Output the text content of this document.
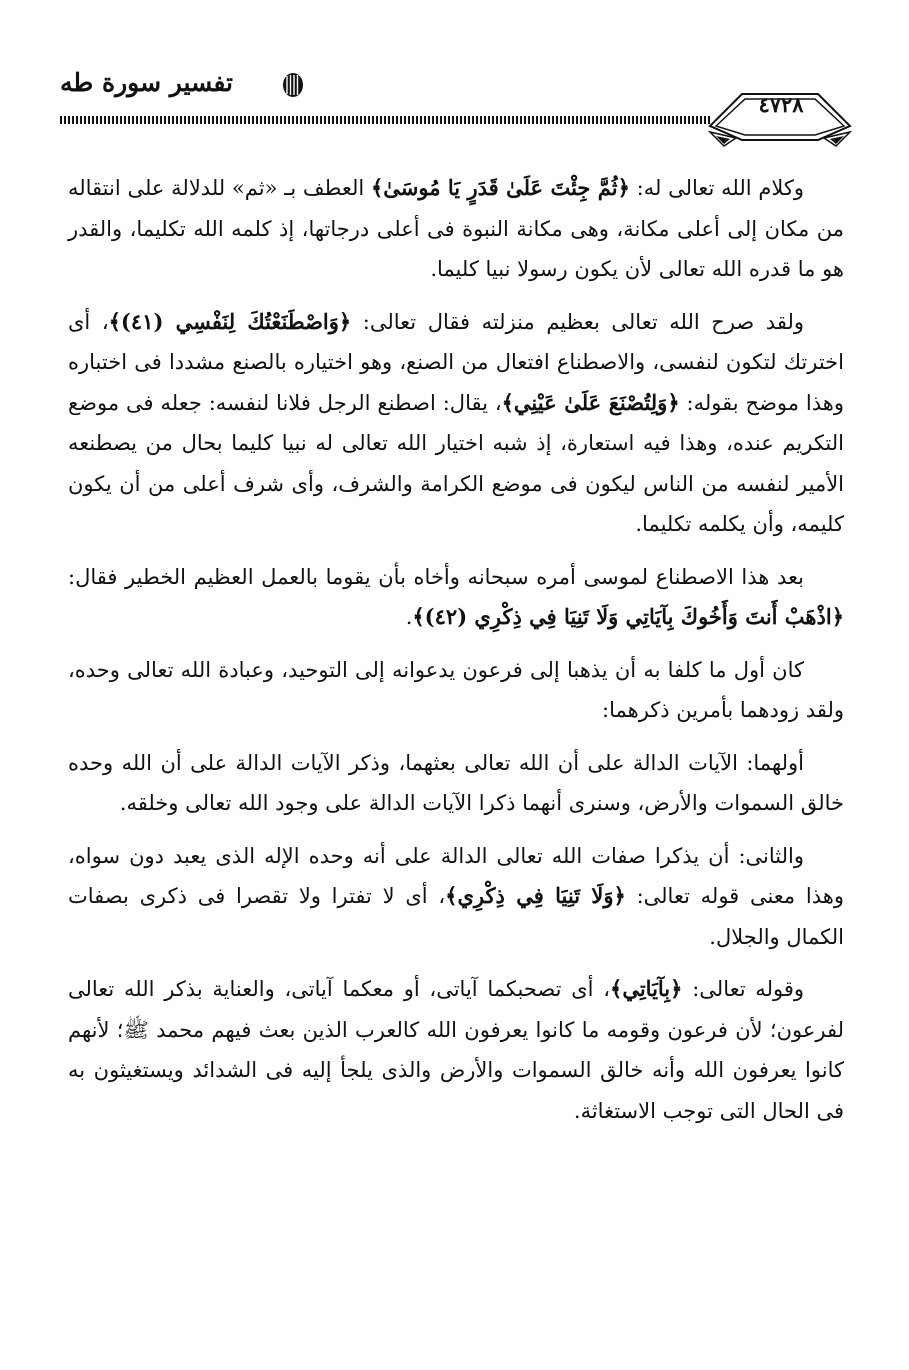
تفسير سورة طه
٤٧٢٨

وكلام الله تعالى له: ﴿ثُمَّ جِئْتَ عَلَىٰ قَدَرٍ يَا مُوسَىٰ﴾ العطف بـ «ثم» للدلالة على انتقاله من مكان إلى أعلى مكانة، وهى مكانة النبوة فى أعلى درجاتها، إذ كلمه الله تكليما، والقدر هو ما قدره الله تعالى لأن يكون رسولا نبيا كليما.

ولقد صرح الله تعالى بعظيم منزلته فقال تعالى: ﴿وَاصْطَنَعْتُكَ لِنَفْسِي (٤١)﴾، أى اخترتك لتكون لنفسى، والاصطناع افتعال من الصنع، وهو اختياره بالصنع مشددا فى اختباره وهذا موضح بقوله: ﴿وَلِتُصْنَعَ عَلَىٰ عَيْنِي﴾، يقال: اصطنع الرجل فلانا لنفسه: جعله فى موضع التكريم عنده، وهذا فيه استعارة، إذ شبه اختيار الله تعالى له نبيا كليما بحال من يصطنعه الأمير لنفسه من الناس ليكون فى موضع الكرامة والشرف، وأى شرف أعلى من أن يكون كليمه، وأن يكلمه تكليما.

بعد هذا الاصطناع لموسى أمره سبحانه وأخاه بأن يقوما بالعمل العظيم الخطير فقال: ﴿اذْهَبْ أَنتَ وَأَخُوكَ بِآيَاتِي وَلَا تَنِيَا فِي ذِكْرِي (٤٢)﴾.

كان أول ما كلفا به أن يذهبا إلى فرعون يدعوانه إلى التوحيد، وعبادة الله تعالى وحده، ولقد زودهما بأمرين ذكرهما:

أولهما: الآيات الدالة على أن الله تعالى بعثهما، وذكر الآيات الدالة على أن الله وحده خالق السموات والأرض، وسنرى أنهما ذكرا الآيات الدالة على وجود الله تعالى وخلقه.

والثانى: أن يذكرا صفات الله تعالى الدالة على أنه وحده الإله الذى يعبد دون سواه، وهذا معنى قوله تعالى: ﴿وَلَا تَنِيَا فِي ذِكْرِي﴾، أى لا تفترا ولا تقصرا فى ذكرى بصفات الكمال والجلال.

وقوله تعالى: ﴿بِآيَاتِي﴾، أى تصحبكما آياتى، أو معكما آياتى، والعناية بذكر الله تعالى لفرعون؛ لأن فرعون وقومه ما كانوا يعرفون الله كالعرب الذين بعث فيهم محمد ﷺ؛ لأنهم كانوا يعرفون الله وأنه خالق السموات والأرض والذى يلجأ إليه فى الشدائد ويستغيثون به فى الحال التى توجب الاستغاثة.
